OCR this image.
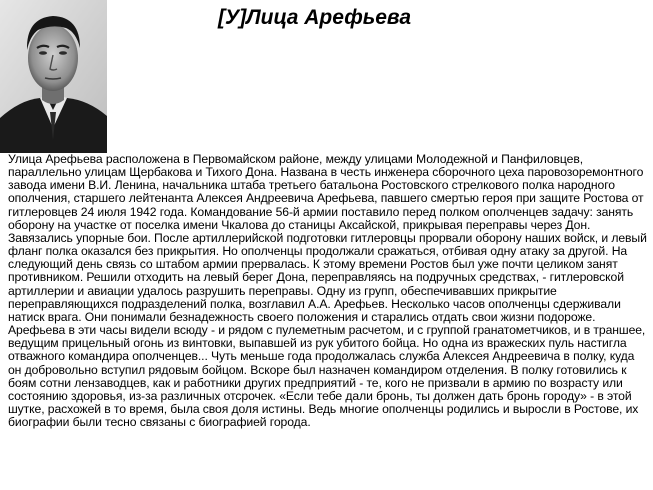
[У]Лица Арефьева

Улица Арефьева расположена в Первомайском районе, между улицами Молодежной и Панфиловцев, параллельно улицам Щербакова и Тихого Дона. Названа в честь инженера сборочного цеха паровозоремонтного завода имени В.И. Ленина, начальника штаба третьего батальона Ростовского стрелкового полка народного ополчения, старшего лейтенанта Алексея Андреевича Арефьева, павшего смертью героя при защите Ростова от гитлеровцев 24 июля 1942 года. Командование 56-й армии поставило перед полком ополченцев задачу: занять оборону на участке от поселка имени Чкалова до станицы Аксайской, прикрывая переправы через Дон. Завязались упорные бои. После артиллерийской подготовки гитлеровцы прорвали оборону наших войск, и левый фланг полка оказался без прикрытия. Но ополченцы продолжали сражаться, отбивая одну атаку за другой. На следующий день связь со штабом армии прервалась. К этому времени Ростов был уже почти целиком занят противником. Решили отходить на левый берег Дона, переправляясь на подручных средствах, - гитлеровской артиллерии и авиации удалось разрушить переправы. Одну из групп, обеспечивавших прикрытие переправляющихся подразделений полка, возглавил А.А. Арефьев. Несколько часов ополченцы сдерживали натиск врага. Они понимали безнадежность своего положения и старались отдать свои жизни подороже. Арефьева в эти часы видели всюду - и рядом с пулеметным расчетом, и с группой гранатометчиков, и в траншее, ведущим прицельный огонь из винтовки, выпавшей из рук убитого бойца. Но одна из вражеских пуль настигла отважного командира ополченцев... Чуть меньше года продолжалась служба Алексея Андреевича в полку, куда он добровольно вступил рядовым бойцом. Вскоре был назначен командиром отделения. В полку готовились к боям сотни лензаводцев, как и работники других предприятий - те, кого не призвали в армию по возрасту или состоянию здоровья, из-за различных отсрочек. «Если тебе дали бронь, ты должен дать бронь городу» - в этой шутке, расхожей в то время, была своя доля истины. Ведь многие ополченцы родились и выросли в Ростове, их биографии были тесно связаны с биографией города.
